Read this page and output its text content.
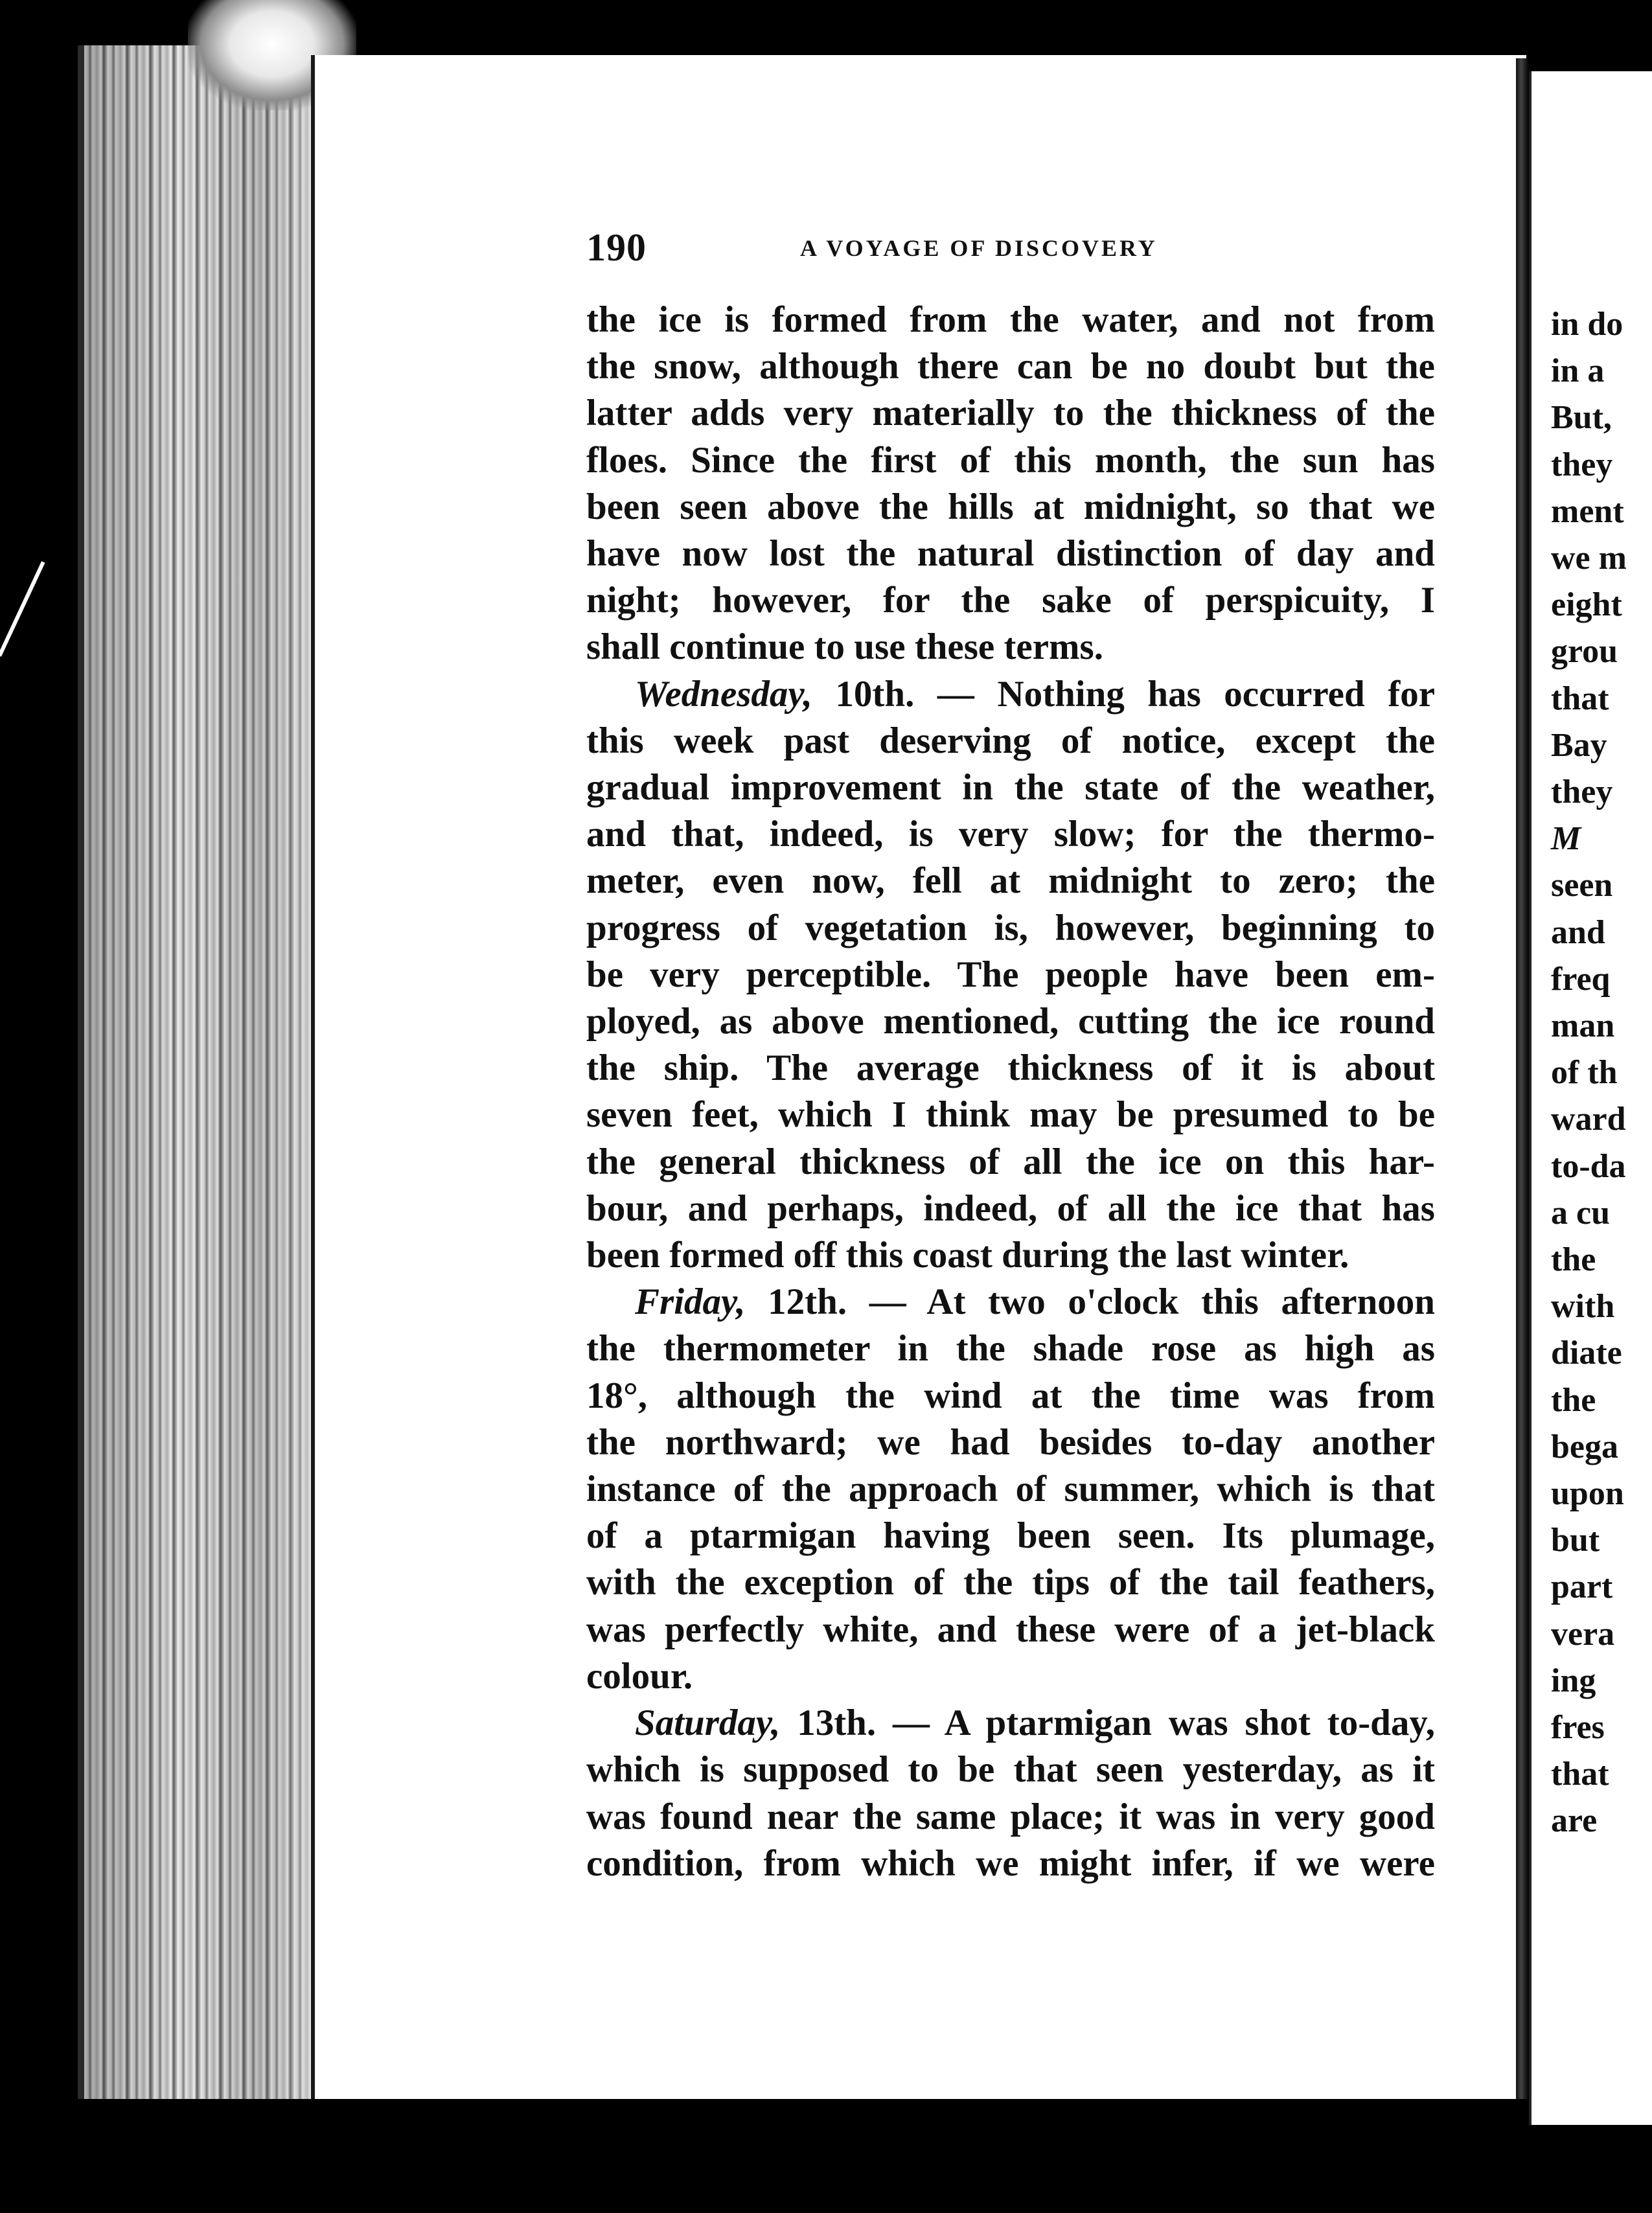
190	A VOYAGE OF DISCOVERY
the ice is formed from the water, and not from
the snow, although there can be no doubt but the
latter adds very materially to the thickness of the
floes. Since the first of this month, the sun has
been seen above the hills at midnight, so that we
have now lost the natural distinction of day and
night; however, for the sake of perspicuity, I
shall continue to use these terms.
Wednesday, 10th. — Nothing has occurred for
this week past deserving of notice, except the
gradual improvement in the state of the weather,
and that, indeed, is very slow; for the thermo-
meter, even now, fell at midnight to zero; the
progress of vegetation is, however, beginning to
be very perceptible. The people have been em-
ployed, as above mentioned, cutting the ice round
the ship. The average thickness of it is about
seven feet, which I think may be presumed to be
the general thickness of all the ice on this har-
bour, and perhaps, indeed, of all the ice that has
been formed off this coast during the last winter.
Friday, 12th. — At two o'clock this afternoon
the thermometer in the shade rose as high as
18°, although the wind at the time was from
the northward; we had besides to-day another
instance of the approach of summer, which is that
of a ptarmigan having been seen. Its plumage,
with the exception of the tips of the tail feathers,
was perfectly white, and these were of a jet-black
colour.
Saturday, 13th. — A ptarmigan was shot to-day,
which is supposed to be that seen yesterday, as it
was found near the same place; it was in very good
condition, from which we might infer, if we were
in do
in a
But,
they
ment
we m
eight
grou
that
Bay
they
M
seen
and
freq
man
of th
ward
to-da
a cu
the
with
diate
the
bega
upon
but
part
vera
ing
fres
that
are
